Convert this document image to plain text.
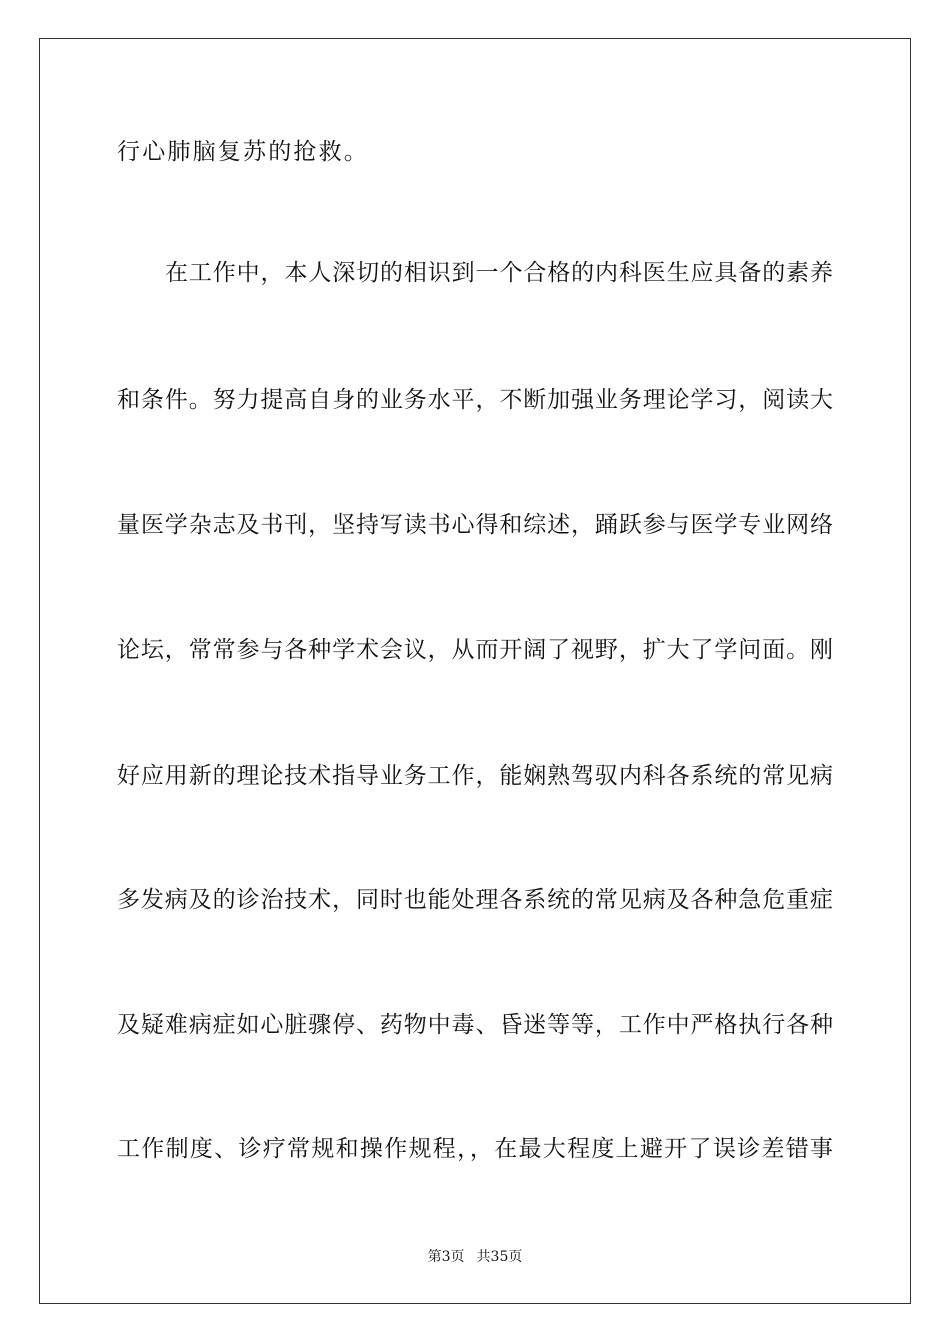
行心肺脑复苏的抢救。
在工作中，本人深切的相识到一个合格的内科医生应具备的素养
和条件。努力提高自身的业务水平，不断加强业务理论学习，阅读大
量医学杂志及书刊，坚持写读书心得和综述，踊跃参与医学专业网络
论坛，常常参与各种学术会议，从而开阔了视野，扩大了学问面。刚
好应用新的理论技术指导业务工作，能娴熟驾驭内科各系统的常见病
多发病及的诊治技术，同时也能处理各系统的常见病及各种急危重症
及疑难病症如心脏骤停、药物中毒、昏迷等等，工作中严格执行各种
工作制度、诊疗常规和操作规程，，在最大程度上避开了误诊差错事
第3页 共35页
